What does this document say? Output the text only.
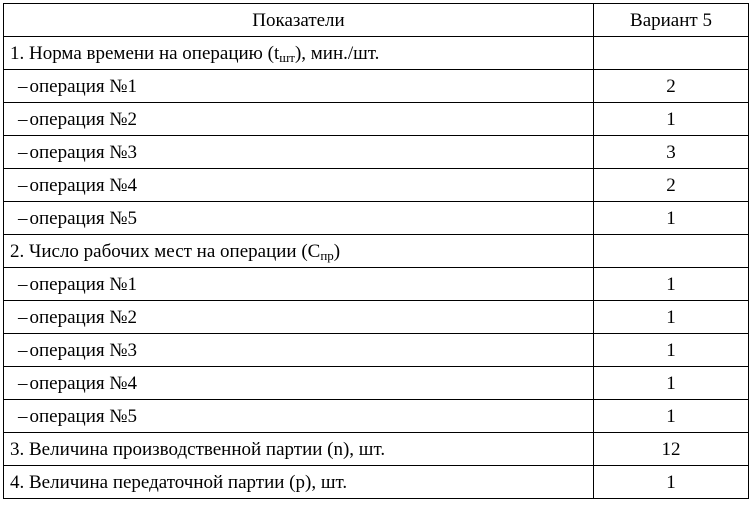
Показатели	Вариант 5
1. Норма времени на операцию $(t_{шт})$, мин./шт.	
– операция №1	2
– операция №2	1
– операция №3	3
– операция №4	2
– операция №5	1
2. Число рабочих мест на операции $(С_{пр})$	
– операция №1	1
– операция №2	1
– операция №3	1
– операция №4	1
– операция №5	1
3. Величина производственной партии (n), шт.	12
4. Величина передаточной партии (p), шт.	1
